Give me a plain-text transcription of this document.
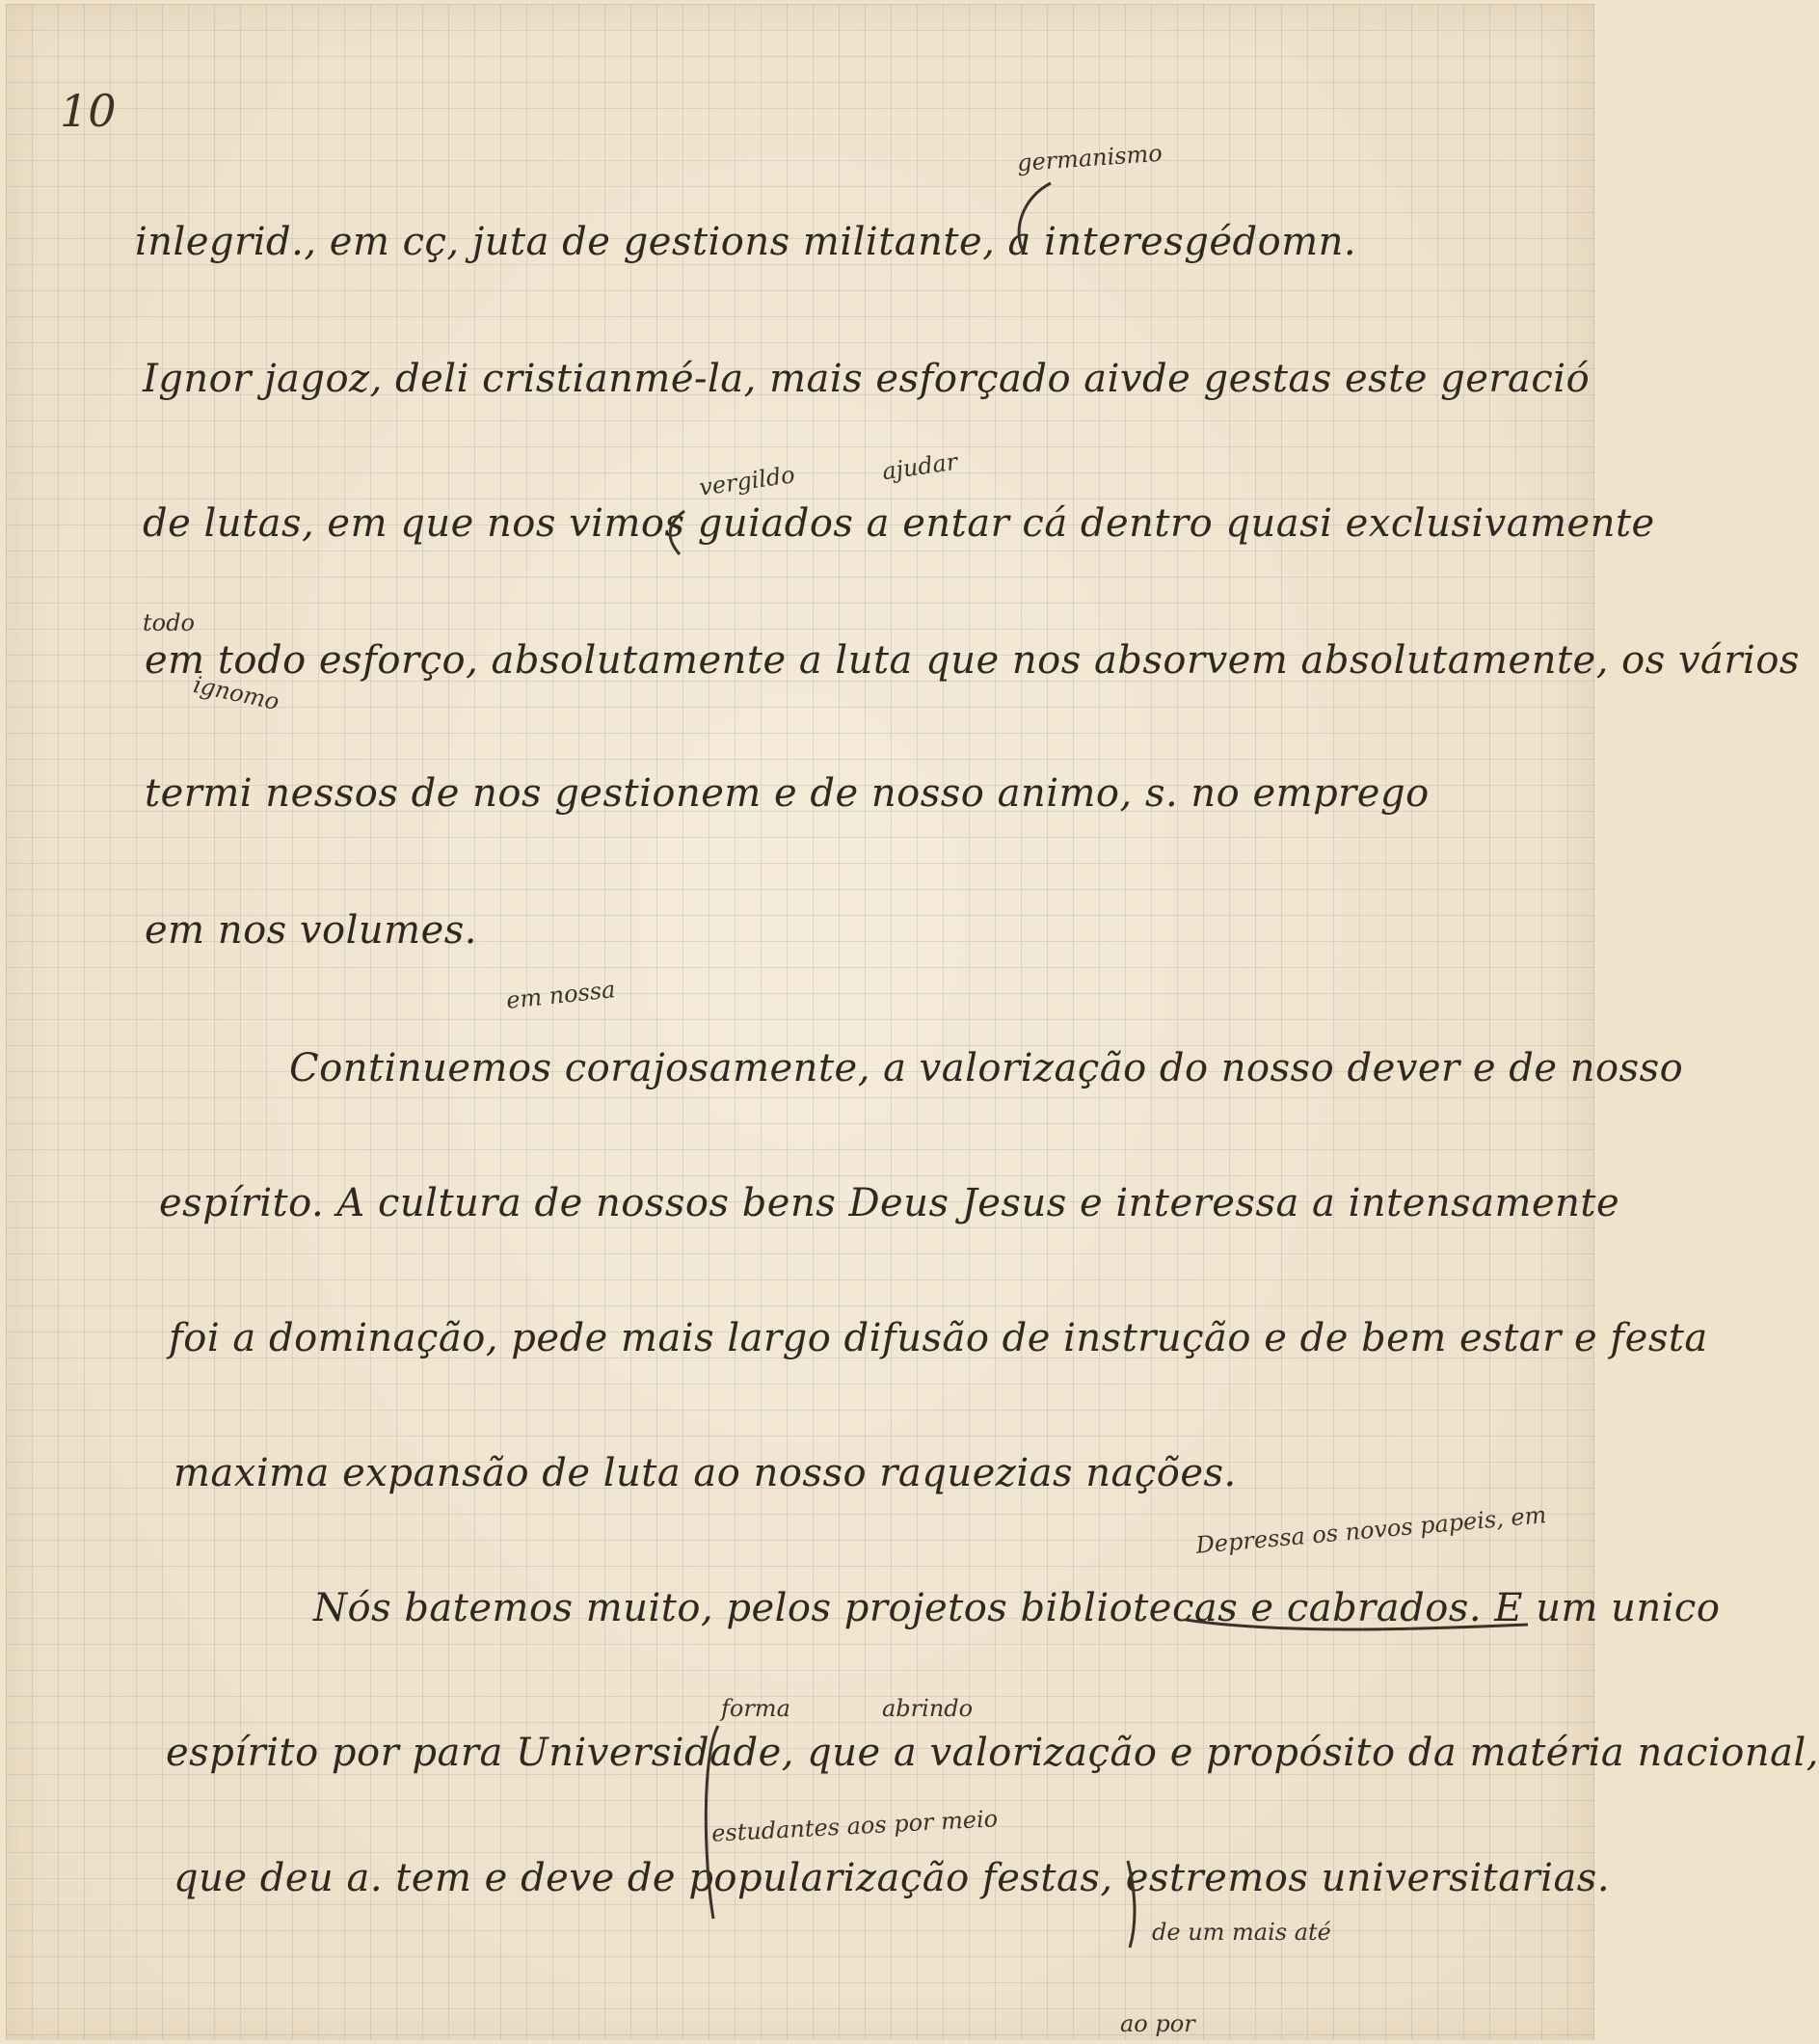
10
germanismo
vergildo	ajudar
todo
ignomo
em nossa
Depressa os novos papeis, em
forma	abrindo
estudantes aos por meio
de um mais até
ao por
inlegrid., em cç, juta de gestions militante, a interesgédomn.
Ignor jagoz, deli cristianmé-la, mais esforçado aivde gestas este geració
de lutas, em que nos vimos guiados a entar cá dentro quasi exclusivamente
em todo esforço, absolutamente a luta que nos absorvem absolutamente, os vários
termi nessos de nos gestionem e de nosso animo, s. no emprego
em nos volumes.
Continuemos corajosamente, a valorização do nosso dever e de nosso
espírito. A cultura de nossos bens Deus Jesus e interessa a intensamente
foi a dominação, pede mais largo difusão de instrução e de bem estar e festa
maxima expansão de luta ao nosso raquezias nações.
Nós batemos muito, pelos projetos bibliotecas e cabrados. E um unico
espírito por para Universidade, que a valorização e propósito da matéria nacional,
que deu a. tem e deve de popularização festas, estremos universitarias.
